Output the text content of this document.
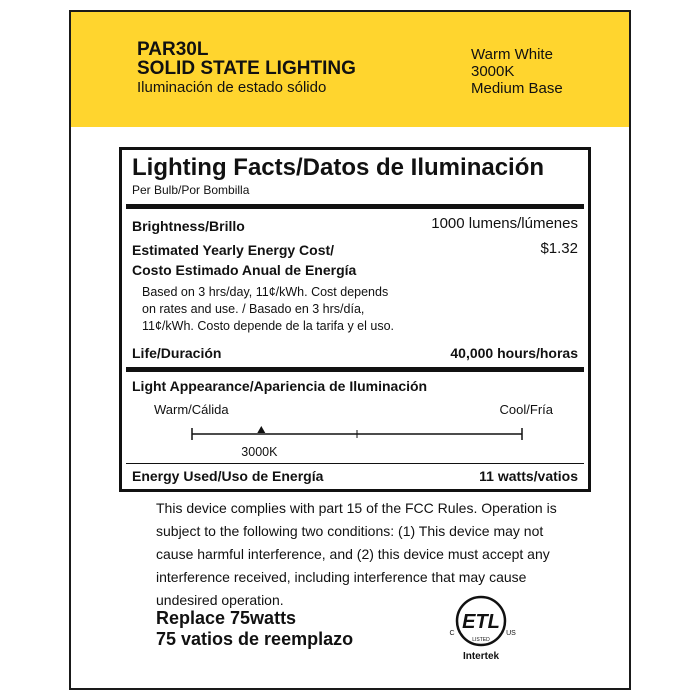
PAR30L
SOLID STATE LIGHTING
Iluminación de estado sólido
Warm White
3000K
Medium Base
Lighting Facts/Datos de Iluminación
Per Bulb/Por Bombilla
Brightness/Brillo	1000 lumens/lúmenes
Estimated Yearly Energy Cost/
Costo Estimado Anual de Energía
$1.32
Based on 3 hrs/day, 11¢/kWh. Cost depends
on rates and use. / Basado en 3 hrs/día,
11¢/kWh. Costo depende de la tarifa y el uso.
Life/Duración	40,000 hours/horas
Light Appearance/Apariencia de Iluminación
Warm/Cálida	Cool/Fría
3000K
Energy Used/Uso de Energía	11 watts/vatios
This device complies with part 15 of the FCC Rules. Operation is
subject to the following two conditions: (1) This device may not
cause harmful interference, and (2) this device must accept any
interference received, including interference that may cause
undesired operation.
Replace 75watts
75 vatios de reemplazo
ETL
LISTED
C	US
Intertek
